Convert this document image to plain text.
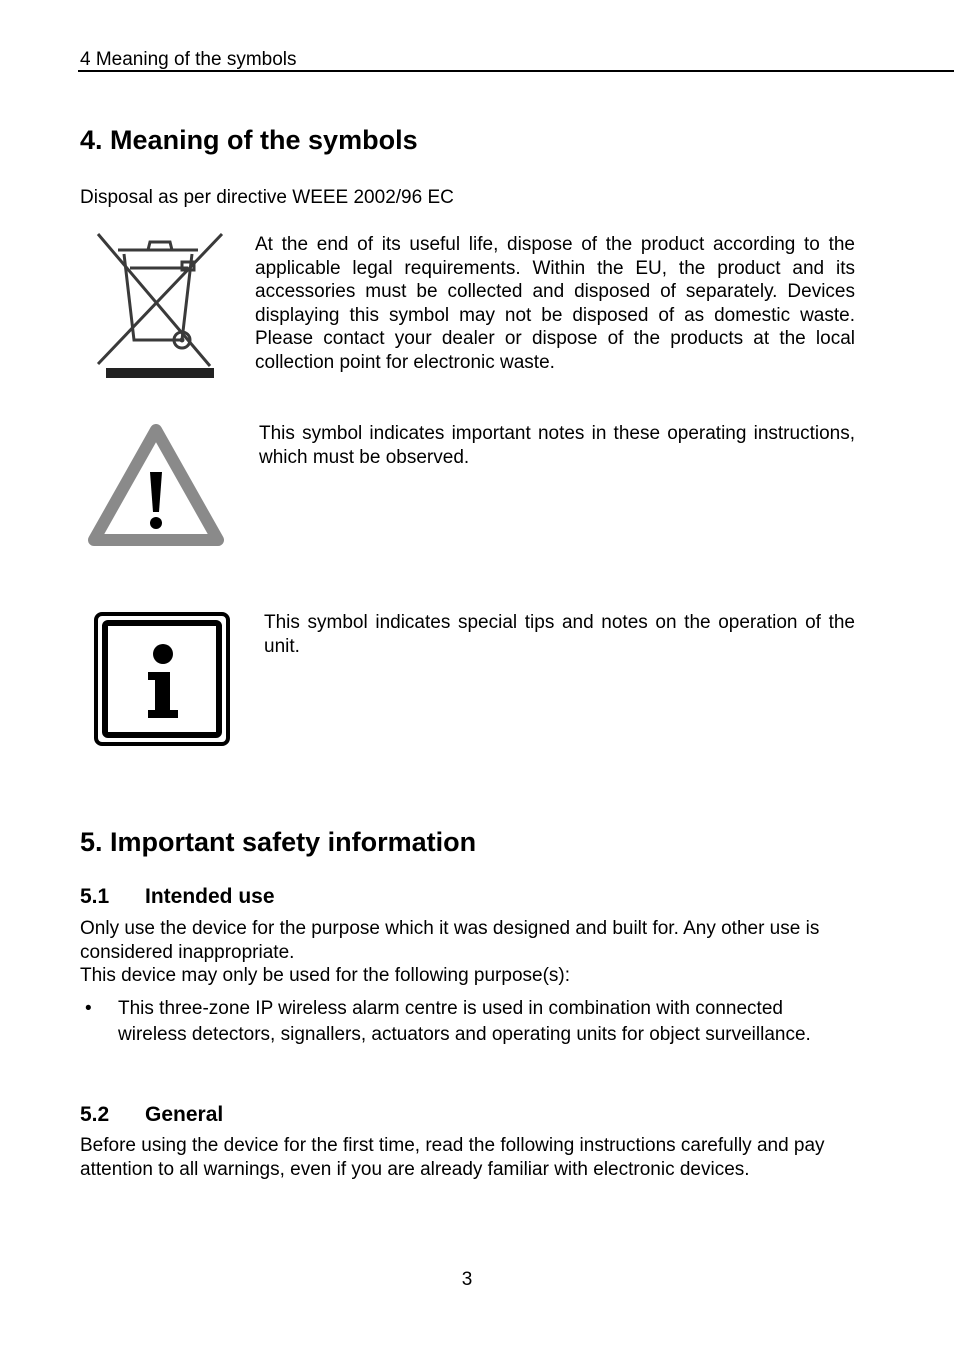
4 Meaning of the symbols
4. Meaning of the symbols

Disposal as per directive WEEE 2002/96 EC

At the end of its useful life, dispose of the product according to the applicable legal requirements. Within the EU, the product and its accessories must be collected and disposed of separately. Devices displaying this symbol may not be disposed of as domestic waste. Please contact your dealer or dispose of the products at the local collection point for electronic waste.

This symbol indicates important notes in these operating instructions, which must be observed.

This symbol indicates special tips and notes on the operation of the unit.

5. Important safety information
5.1 Intended use

Only use the device for the purpose which it was designed and built for. Any other use is considered inappropriate.

This device may only be used for the following purpose(s):

• This three-zone IP wireless alarm centre is used in combination with connected wireless detectors, signallers, actuators and operating units for object surveillance.
5.2 General

Before using the device for the first time, read the following instructions carefully and pay attention to all warnings, even if you are already familiar with electronic devices.

3
